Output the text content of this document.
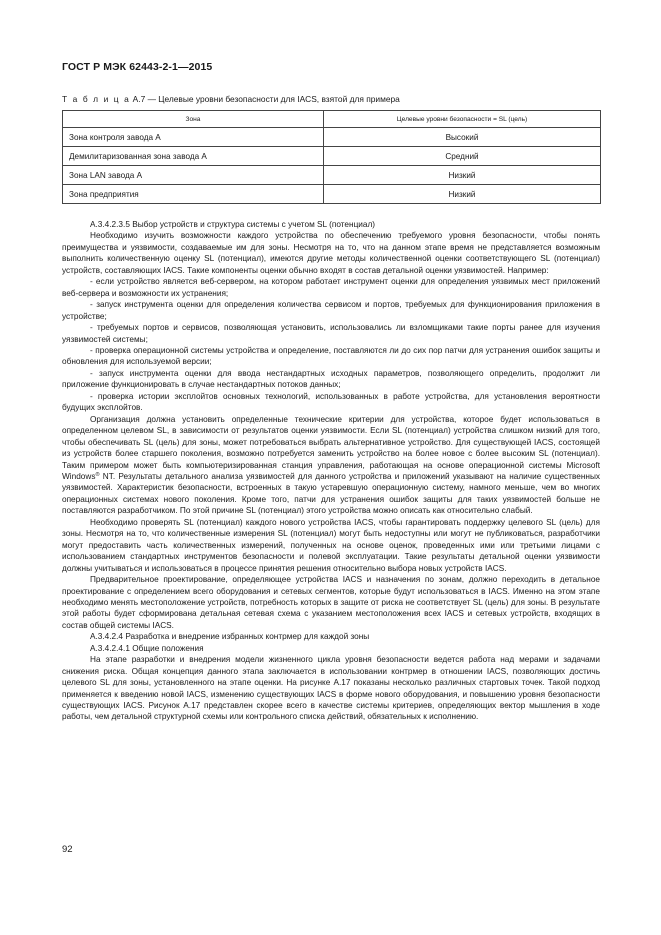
ГОСТ Р МЭК 62443-2-1—2015
Т а б л и ц а А.7 — Целевые уровни безопасности для IACS, взятой для примера
Зона	Целевые уровни безопасности = SL (цель)
Зона контроля завода А	Высокий
Демилитаризованная зона завода А	Средний
Зона LAN завода А	Низкий
Зона предприятия	Низкий

А.3.4.2.3.5 Выбор устройств и структура системы с учетом SL (потенциал)

Необходимо изучить возможности каждого устройства по обеспечению требуемого уровня безопасности, чтобы понять преимущества и уязвимости, создаваемые им для зоны. Несмотря на то, что на данном этапе время не представляется возможным выполнить количественную оценку SL (потенциал), имеются другие методы количественной оценки соответствующего SL (потенциал) устройств, составляющих IACS. Такие компоненты оценки обычно входят в состав детальной оценки уязвимостей. Например:

- если устройство является веб-сервером, на котором работает инструмент оценки для определения уязвимых мест приложений веб-сервера и возможности их устранения;

- запуск инструмента оценки для определения количества сервисом и портов, требуемых для функционирования приложения в устройстве;

- требуемых портов и сервисов, позволяющая установить, использовались ли взломщиками такие порты ранее для изучения уязвимостей системы;

- проверка операционной системы устройства и определение, поставляются ли до сих пор патчи для устранения ошибок защиты и обновления для используемой версии;

- запуск инструмента оценки для ввода нестандартных исходных параметров, позволяющего определить, продолжит ли приложение функционировать в случае нестандартных потоков данных;

- проверка истории эксплойтов основных технологий, использованных в работе устройства, для установления вероятности будущих эксплойтов.

Организация должна установить определенные технические критерии для устройства, которое будет использоваться в определенном целевом SL, в зависимости от результатов оценки уязвимости. Если SL (потенциал) устройства слишком низкий для того, чтобы обеспечивать SL (цель) для зоны, может потребоваться выбрать альтернативное устройство. Для существующей IACS, состоящей из устройств более старшего поколения, возможно потребуется заменить устройство на более новое с более высоким SL (потенциал). Таким примером может быть компьютеризированная станция управления, работающая на основе операционной системы Microsoft Windows® NT. Результаты детального анализа уязвимостей для данного устройства и приложений указывают на наличие существенных уязвимостей. Характеристик безопасности, встроенных в такую устаревшую операционную систему, намного меньше, чем во многих операционных системах нового поколения. Кроме того, патчи для устранения ошибок защиты для таких уязвимостей больше не поставляются разработчиком. По этой причине SL (потенциал) этого устройства можно описать как относительно слабый.

Необходимо проверять SL (потенциал) каждого нового устройства IACS, чтобы гарантировать поддержку целевого SL (цель) для зоны. Несмотря на то, что количественные измерения SL (потенциал) могут быть недоступны или могут не публиковаться, разработчики могут предоставить часть количественных измерений, полученных на основе оценок, проведенных ими или третьими лицами с использованием стандартных инструментов безопасности и полевой эксплуатации. Такие результаты детальной оценки уязвимости должны учитываться и использоваться в процессе принятия решения относительно выбора новых устройств IACS.

Предварительное проектирование, определяющее устройства IACS и назначения по зонам, должно переходить в детальное проектирование с определением всего оборудования и сетевых сегментов, которые будут использоваться в IACS. Именно на этом этапе необходимо менять местоположение устройств, потребность которых в защите от риска не соответствует SL (цель) для зоны. В результате этой работы будет сформирована детальная сетевая схема с указанием местоположения всех IACS и сетевых устройств, входящих в состав общей системы IACS.

А.3.4.2.4 Разработка и внедрение избранных контрмер для каждой зоны

А.3.4.2.4.1 Общие положения

На этапе разработки и внедрения модели жизненного цикла уровня безопасности ведется работа над мерами и задачами снижения риска. Общая концепция данного этапа заключается в использовании контрмер в отношении IACS, позволяющих достичь целевого SL для зоны, установленного на этапе оценки. На рисунке А.17 показаны несколько различных стартовых точек. Такой подход применяется к введению новой IACS, изменению существующих IACS в форме нового оборудования, и повышению уровня безопасности существующих IACS. Рисунок А.17 представлен скорее всего в качестве системы критериев, определяющих вектор мышления в ходе работы, чем детальной структурной схемы или контрольного списка действий, обязательных к исполнению.

92
